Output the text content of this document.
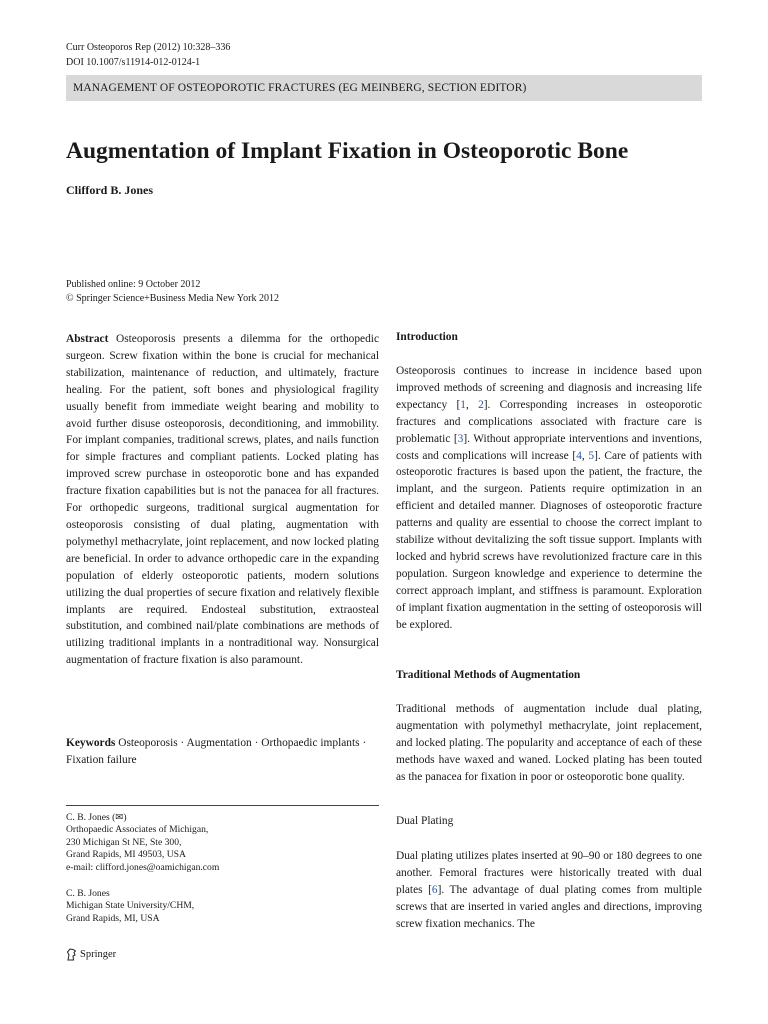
Curr Osteoporos Rep (2012) 10:328–336
DOI 10.1007/s11914-012-0124-1
MANAGEMENT OF OSTEOPOROTIC FRACTURES (EG MEINBERG, SECTION EDITOR)
Augmentation of Implant Fixation in Osteoporotic Bone
Clifford B. Jones
Published online: 9 October 2012
© Springer Science+Business Media New York 2012

Abstract Osteoporosis presents a dilemma for the orthopedic surgeon. Screw fixation within the bone is crucial for mechanical stabilization, maintenance of reduction, and ultimately, fracture healing. For the patient, soft bones and physiological fragility usually benefit from immediate weight bearing and mobility to avoid further disuse osteoporosis, deconditioning, and immobility. For implant companies, traditional screws, plates, and nails function for simple fractures and compliant patients. Locked plating has improved screw purchase in osteoporotic bone and has expanded fracture fixation capabilities but is not the panacea for all fractures. For orthopedic surgeons, traditional surgical augmentation for osteoporosis consisting of dual plating, augmentation with polymethyl methacrylate, joint replacement, and now locked plating are beneficial. In order to advance orthopedic care in the expanding population of elderly osteoporotic patients, modern solutions utilizing the dual properties of secure fixation and relatively flexible implants are required. Endosteal substitution, extraosteal substitution, and combined nail/plate combinations are methods of utilizing traditional implants in a nontraditional way. Nonsurgical augmentation of fracture fixation is also paramount.

Keywords Osteoporosis · Augmentation · Orthopaedic implants · Fixation failure

C. B. Jones (✉)
Orthopaedic Associates of Michigan,
230 Michigan St NE, Ste 300,
Grand Rapids, MI 49503, USA
e-mail: clifford.jones@oamichigan.com
C. B. Jones
Michigan State University/CHM,
Grand Rapids, MI, USA
Springer
Introduction

Osteoporosis continues to increase in incidence based upon improved methods of screening and diagnosis and increasing life expectancy [1, 2]. Corresponding increases in osteoporotic fractures and complications associated with fracture care is problematic [3]. Without appropriate interventions and inventions, costs and complications will increase [4, 5]. Care of patients with osteoporotic fractures is based upon the patient, the fracture, the implant, and the surgeon. Patients require optimization in an efficient and detailed manner. Diagnoses of osteoporotic fracture patterns and quality are essential to choose the correct implant to stabilize without devitalizing the soft tissue support. Implants with locked and hybrid screws have revolutionized fracture care in this population. Surgeon knowledge and experience to determine the correct approach implant, and stiffness is paramount. Exploration of implant fixation augmentation in the setting of osteoporosis will be explored.

Traditional Methods of Augmentation

Traditional methods of augmentation include dual plating, augmentation with polymethyl methacrylate, joint replacement, and locked plating. The popularity and acceptance of each of these methods have waxed and waned. Locked plating has been touted as the panacea for fixation in poor or osteoporotic bone quality.

Dual Plating

Dual plating utilizes plates inserted at 90–90 or 180 degrees to one another. Femoral fractures were historically treated with dual plates [6]. The advantage of dual plating comes from multiple screws that are inserted in varied angles and directions, improving screw fixation mechanics. The
